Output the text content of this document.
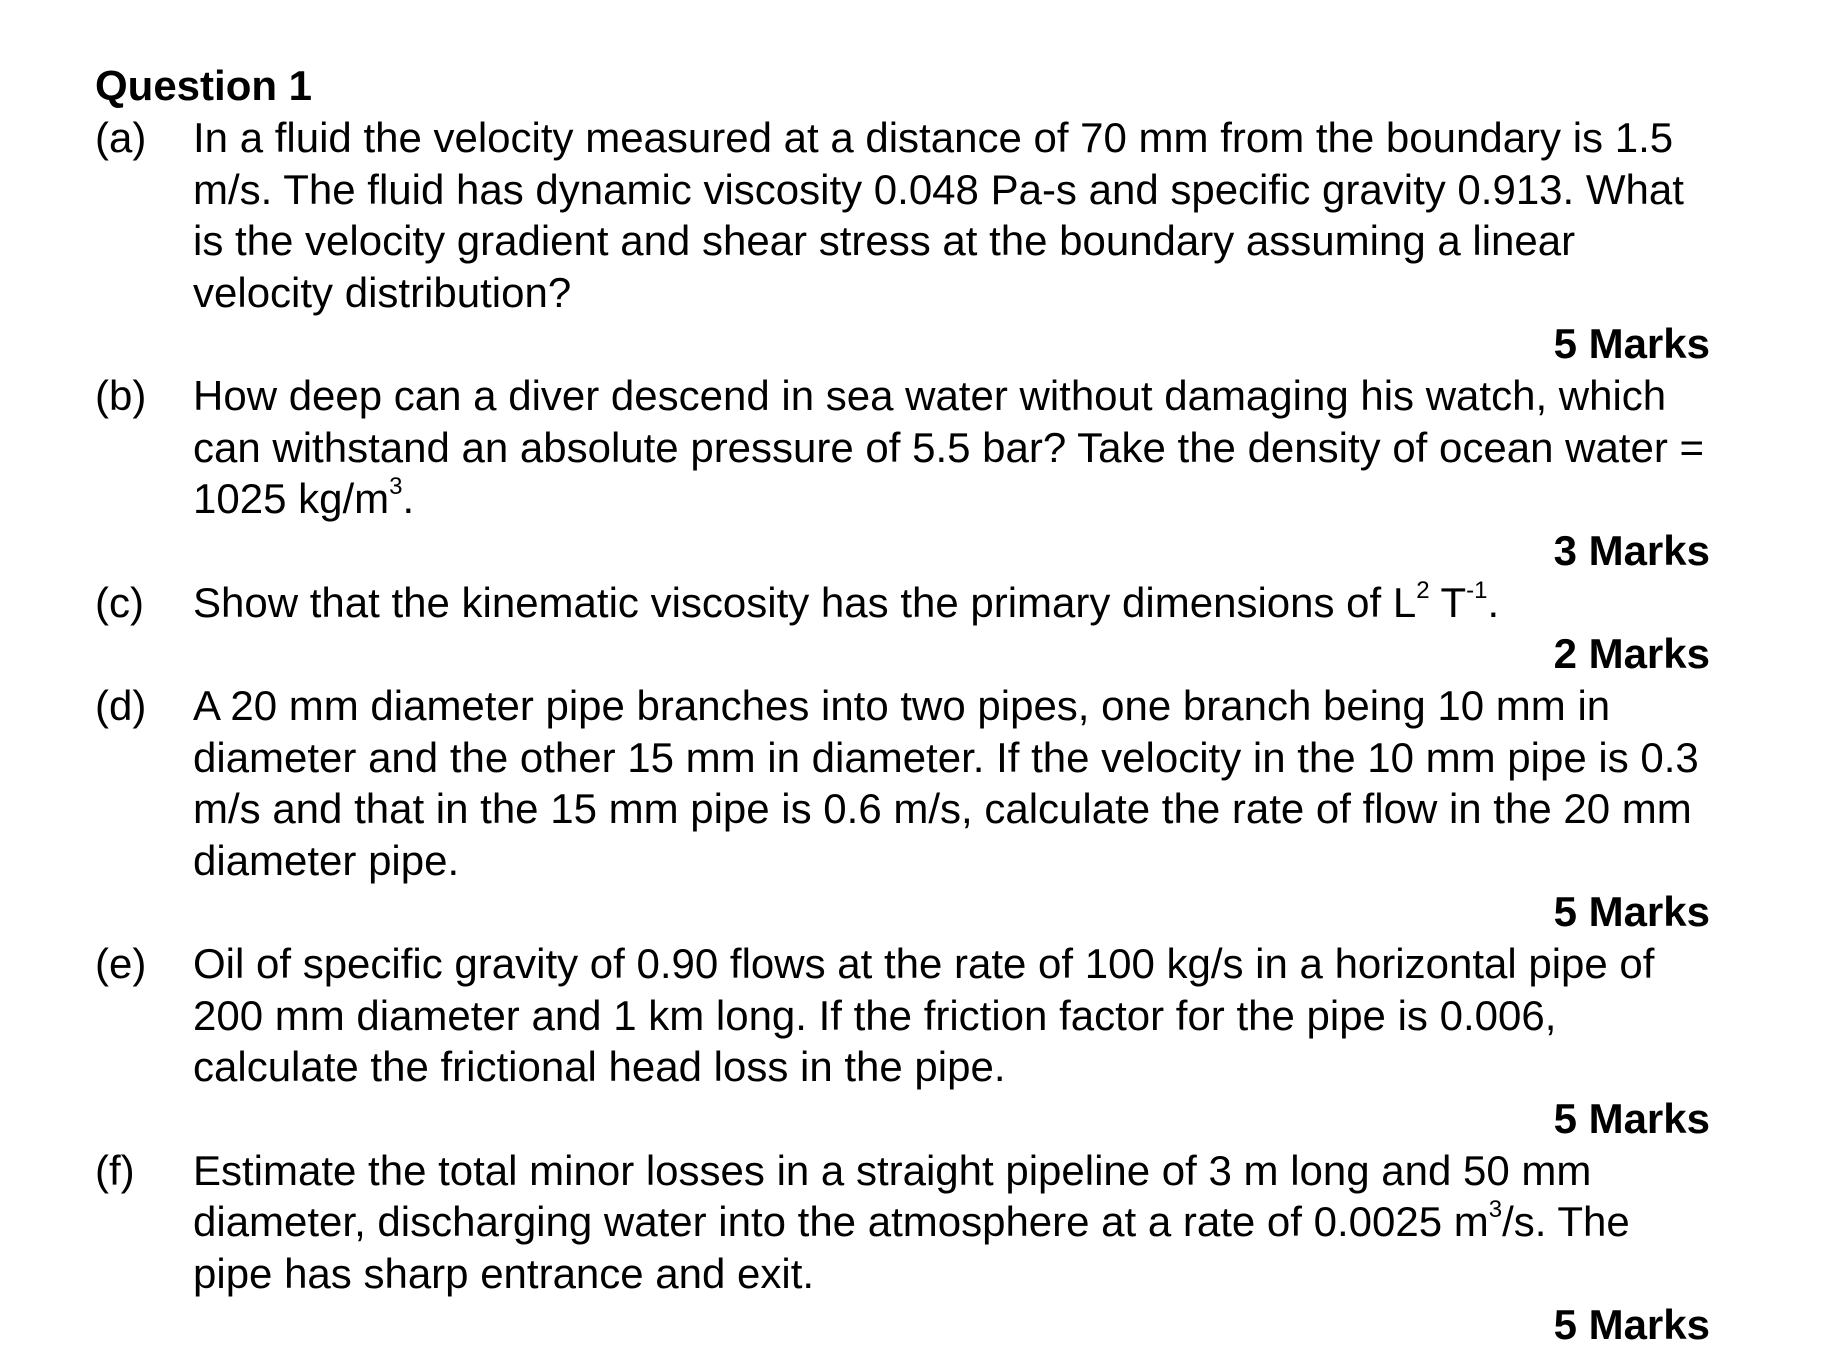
Question 1
(a) In a fluid the velocity measured at a distance of 70 mm from the boundary is 1.5 m/s. The fluid has dynamic viscosity 0.048 Pa-s and specific gravity 0.913. What is the velocity gradient and shear stress at the boundary assuming a linear velocity distribution?
5 Marks
(b) How deep can a diver descend in sea water without damaging his watch, which can withstand an absolute pressure of 5.5 bar? Take the density of ocean water = 1025 $kg/m^3$.
3 Marks
(c) Show that the kinematic viscosity has the primary dimensions of $L^2$ $T^{-1}$.
2 Marks
(d) A 20 mm diameter pipe branches into two pipes, one branch being 10 mm in diameter and the other 15 mm in diameter. If the velocity in the 10 mm pipe is 0.3 m/s and that in the 15 mm pipe is 0.6 m/s, calculate the rate of flow in the 20 mm diameter pipe.
5 Marks
(e) Oil of specific gravity of 0.90 flows at the rate of 100 kg/s in a horizontal pipe of 200 mm diameter and 1 km long. If the friction factor for the pipe is 0.006, calculate the frictional head loss in the pipe.
5 Marks
(f) Estimate the total minor losses in a straight pipeline of 3 m long and 50 mm diameter, discharging water into the atmosphere at a rate of 0.0025 $m^3/s$. The pipe has sharp entrance and exit.
5 Marks
